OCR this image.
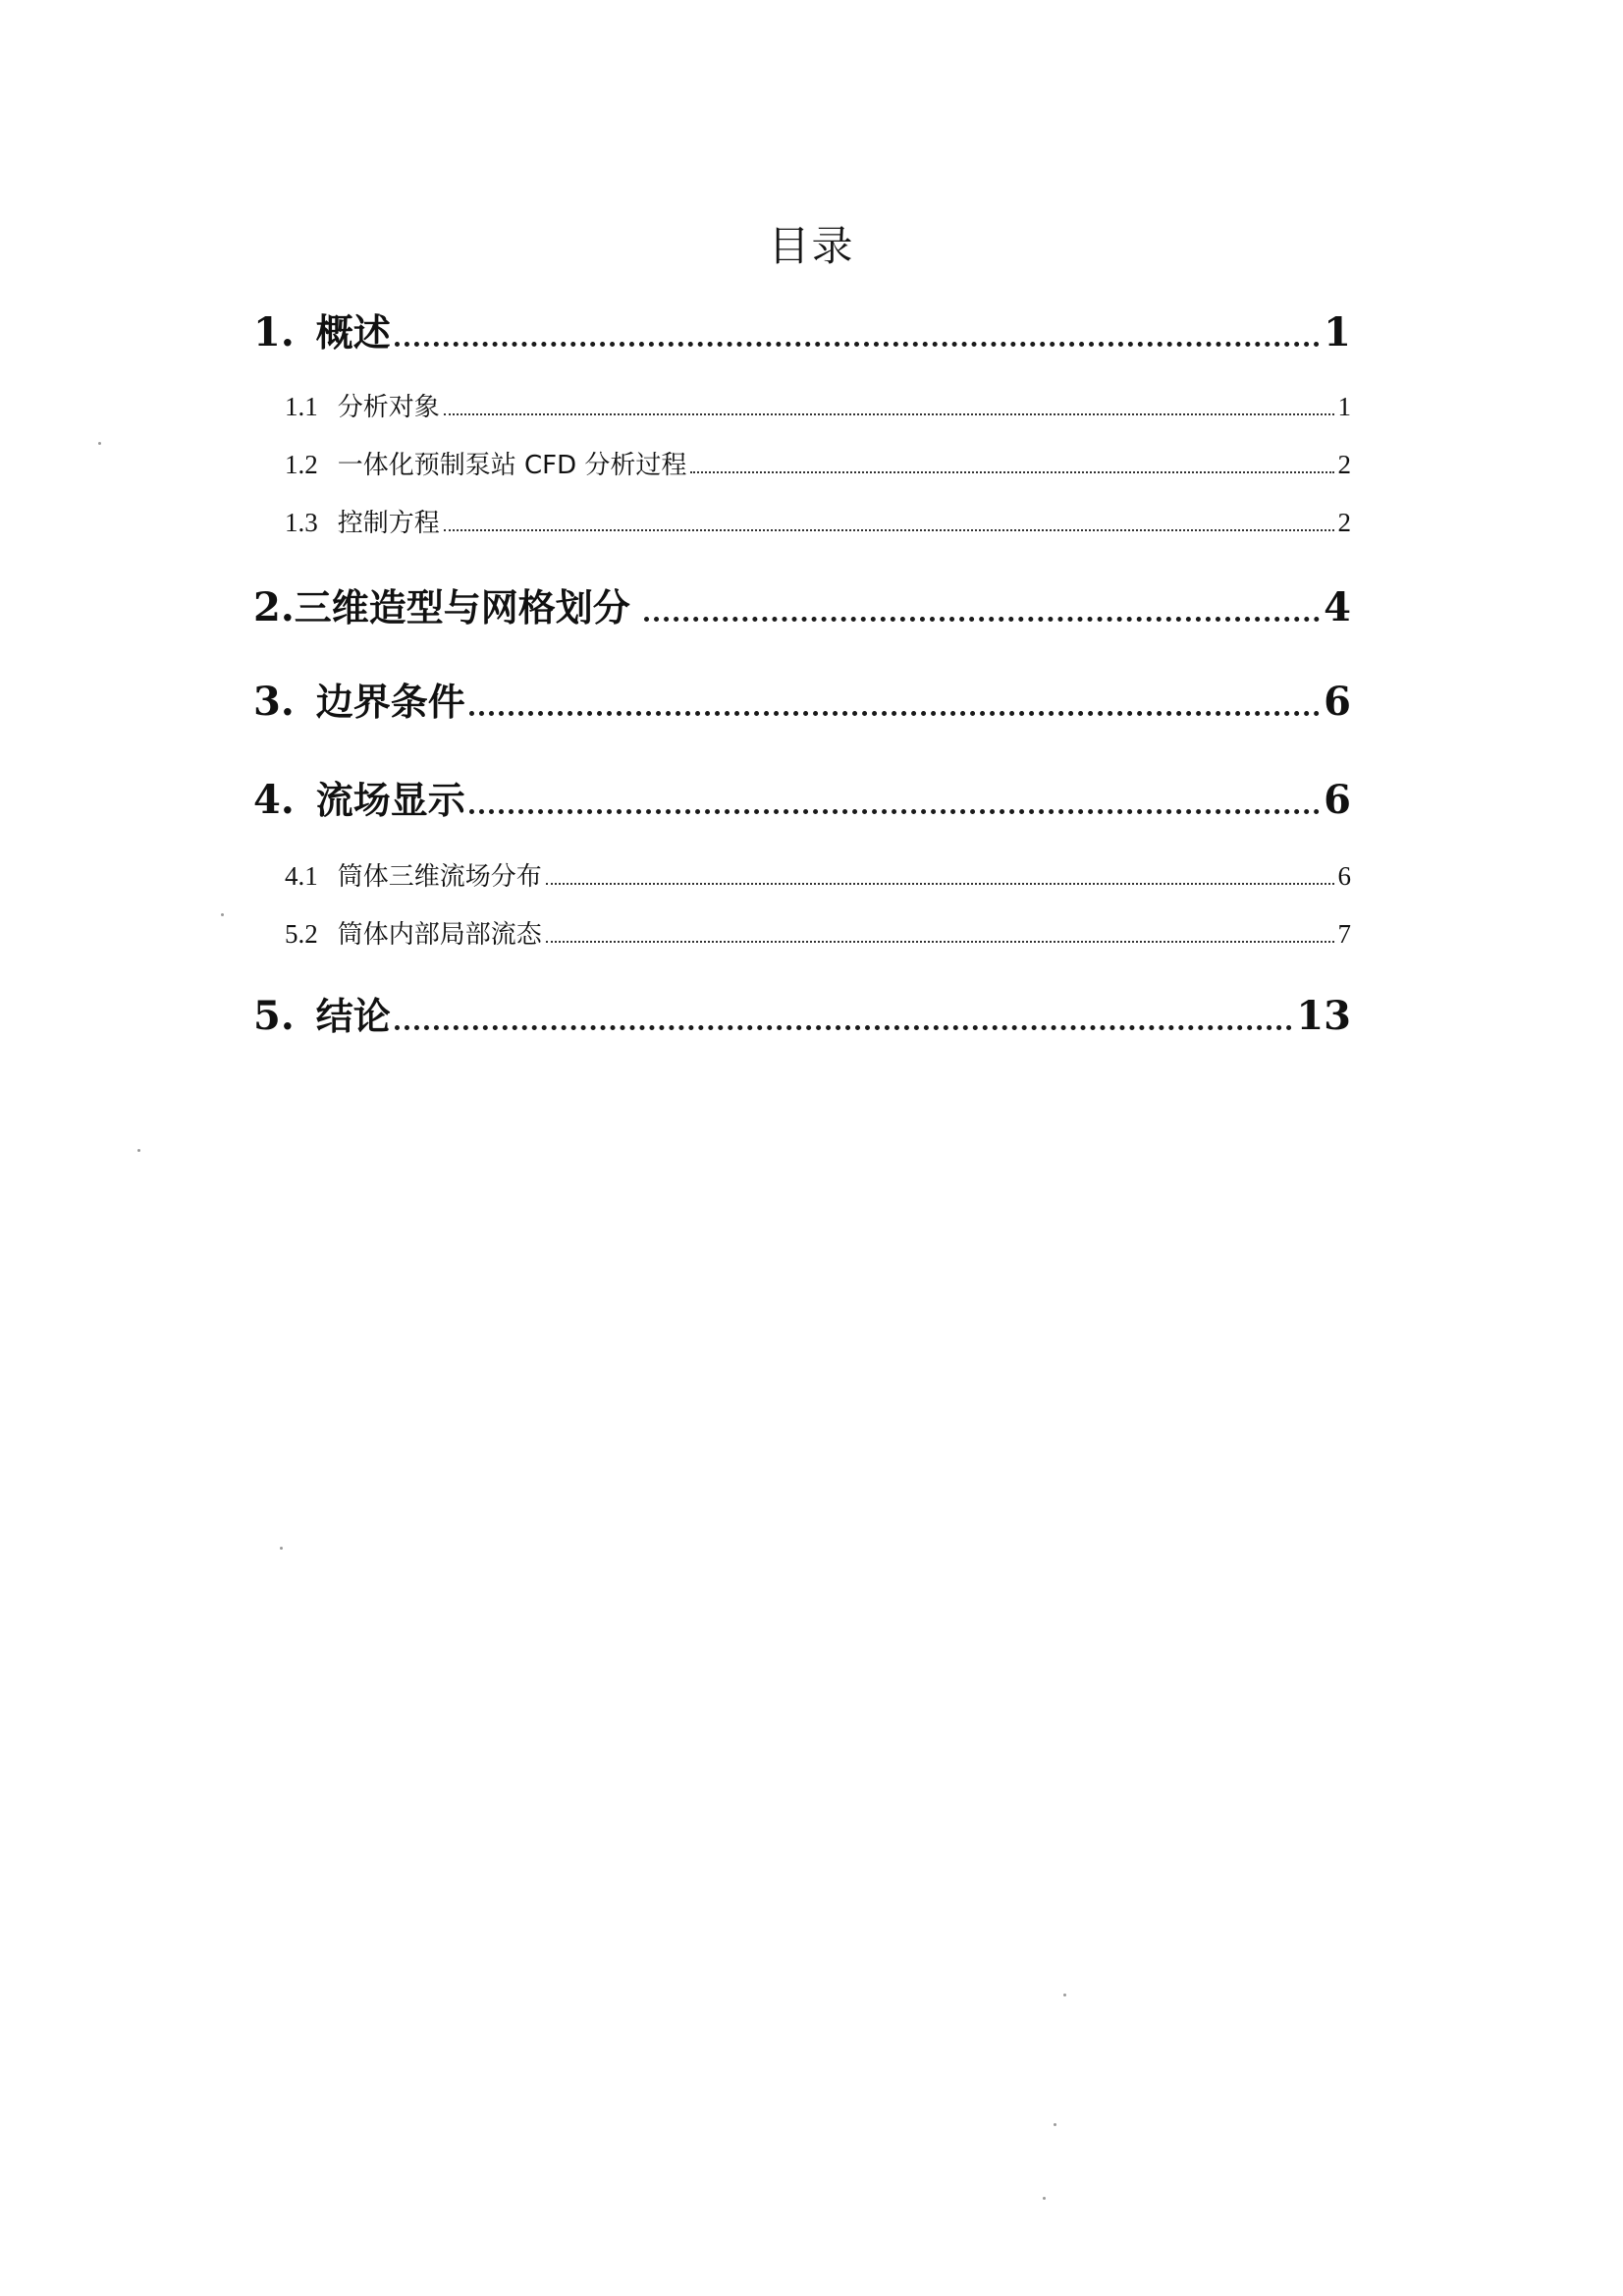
目录
1. 概述	1
1.1 分析对象	1
1.2 一体化预制泵站 CFD 分析过程	2
1.3 控制方程	2
2. 三维造型与网格划分	4
3. 边界条件	6
4. 流场显示	6
4.1 筒体三维流场分布	6
5.2 筒体内部局部流态	7
5. 结论	13
